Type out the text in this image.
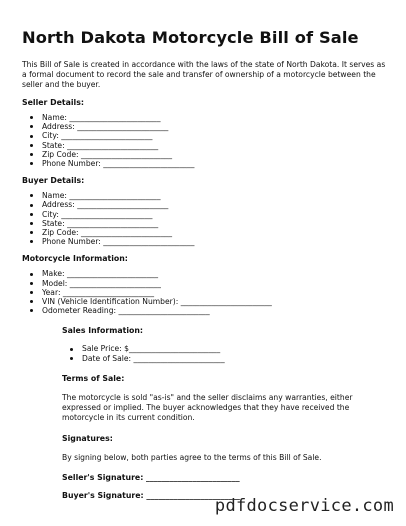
North Dakota Motorcycle Bill of Sale

This Bill of Sale is created in accordance with the laws of the state of North Dakota. It serves as a formal document to record the sale and transfer of ownership of a motorcycle between the seller and the buyer.

Seller Details:
Name: ________________________
Address: ________________________
City: ________________________
State: ________________________
Zip Code: ________________________
Phone Number: ________________________
Buyer Details:
Name: ________________________
Address: ________________________
City: ________________________
State: ________________________
Zip Code: ________________________
Phone Number: ________________________
Motorcycle Information:
Make: ________________________
Model: ________________________
Year: ________________________
VIN (Vehicle Identification Number): ________________________
Odometer Reading: ________________________
Sales Information:
Sale Price: $________________________
Date of Sale: ________________________
Terms of Sale:

The motorcycle is sold "as-is" and the seller disclaims any warranties, either expressed or implied. The buyer acknowledges that they have received the motorcycle in its current condition.

Signatures:

By signing below, both parties agree to the terms of this Bill of Sale.

Seller's Signature: ________________________
Buyer's Signature: ________________________
pdfdocservice.com
